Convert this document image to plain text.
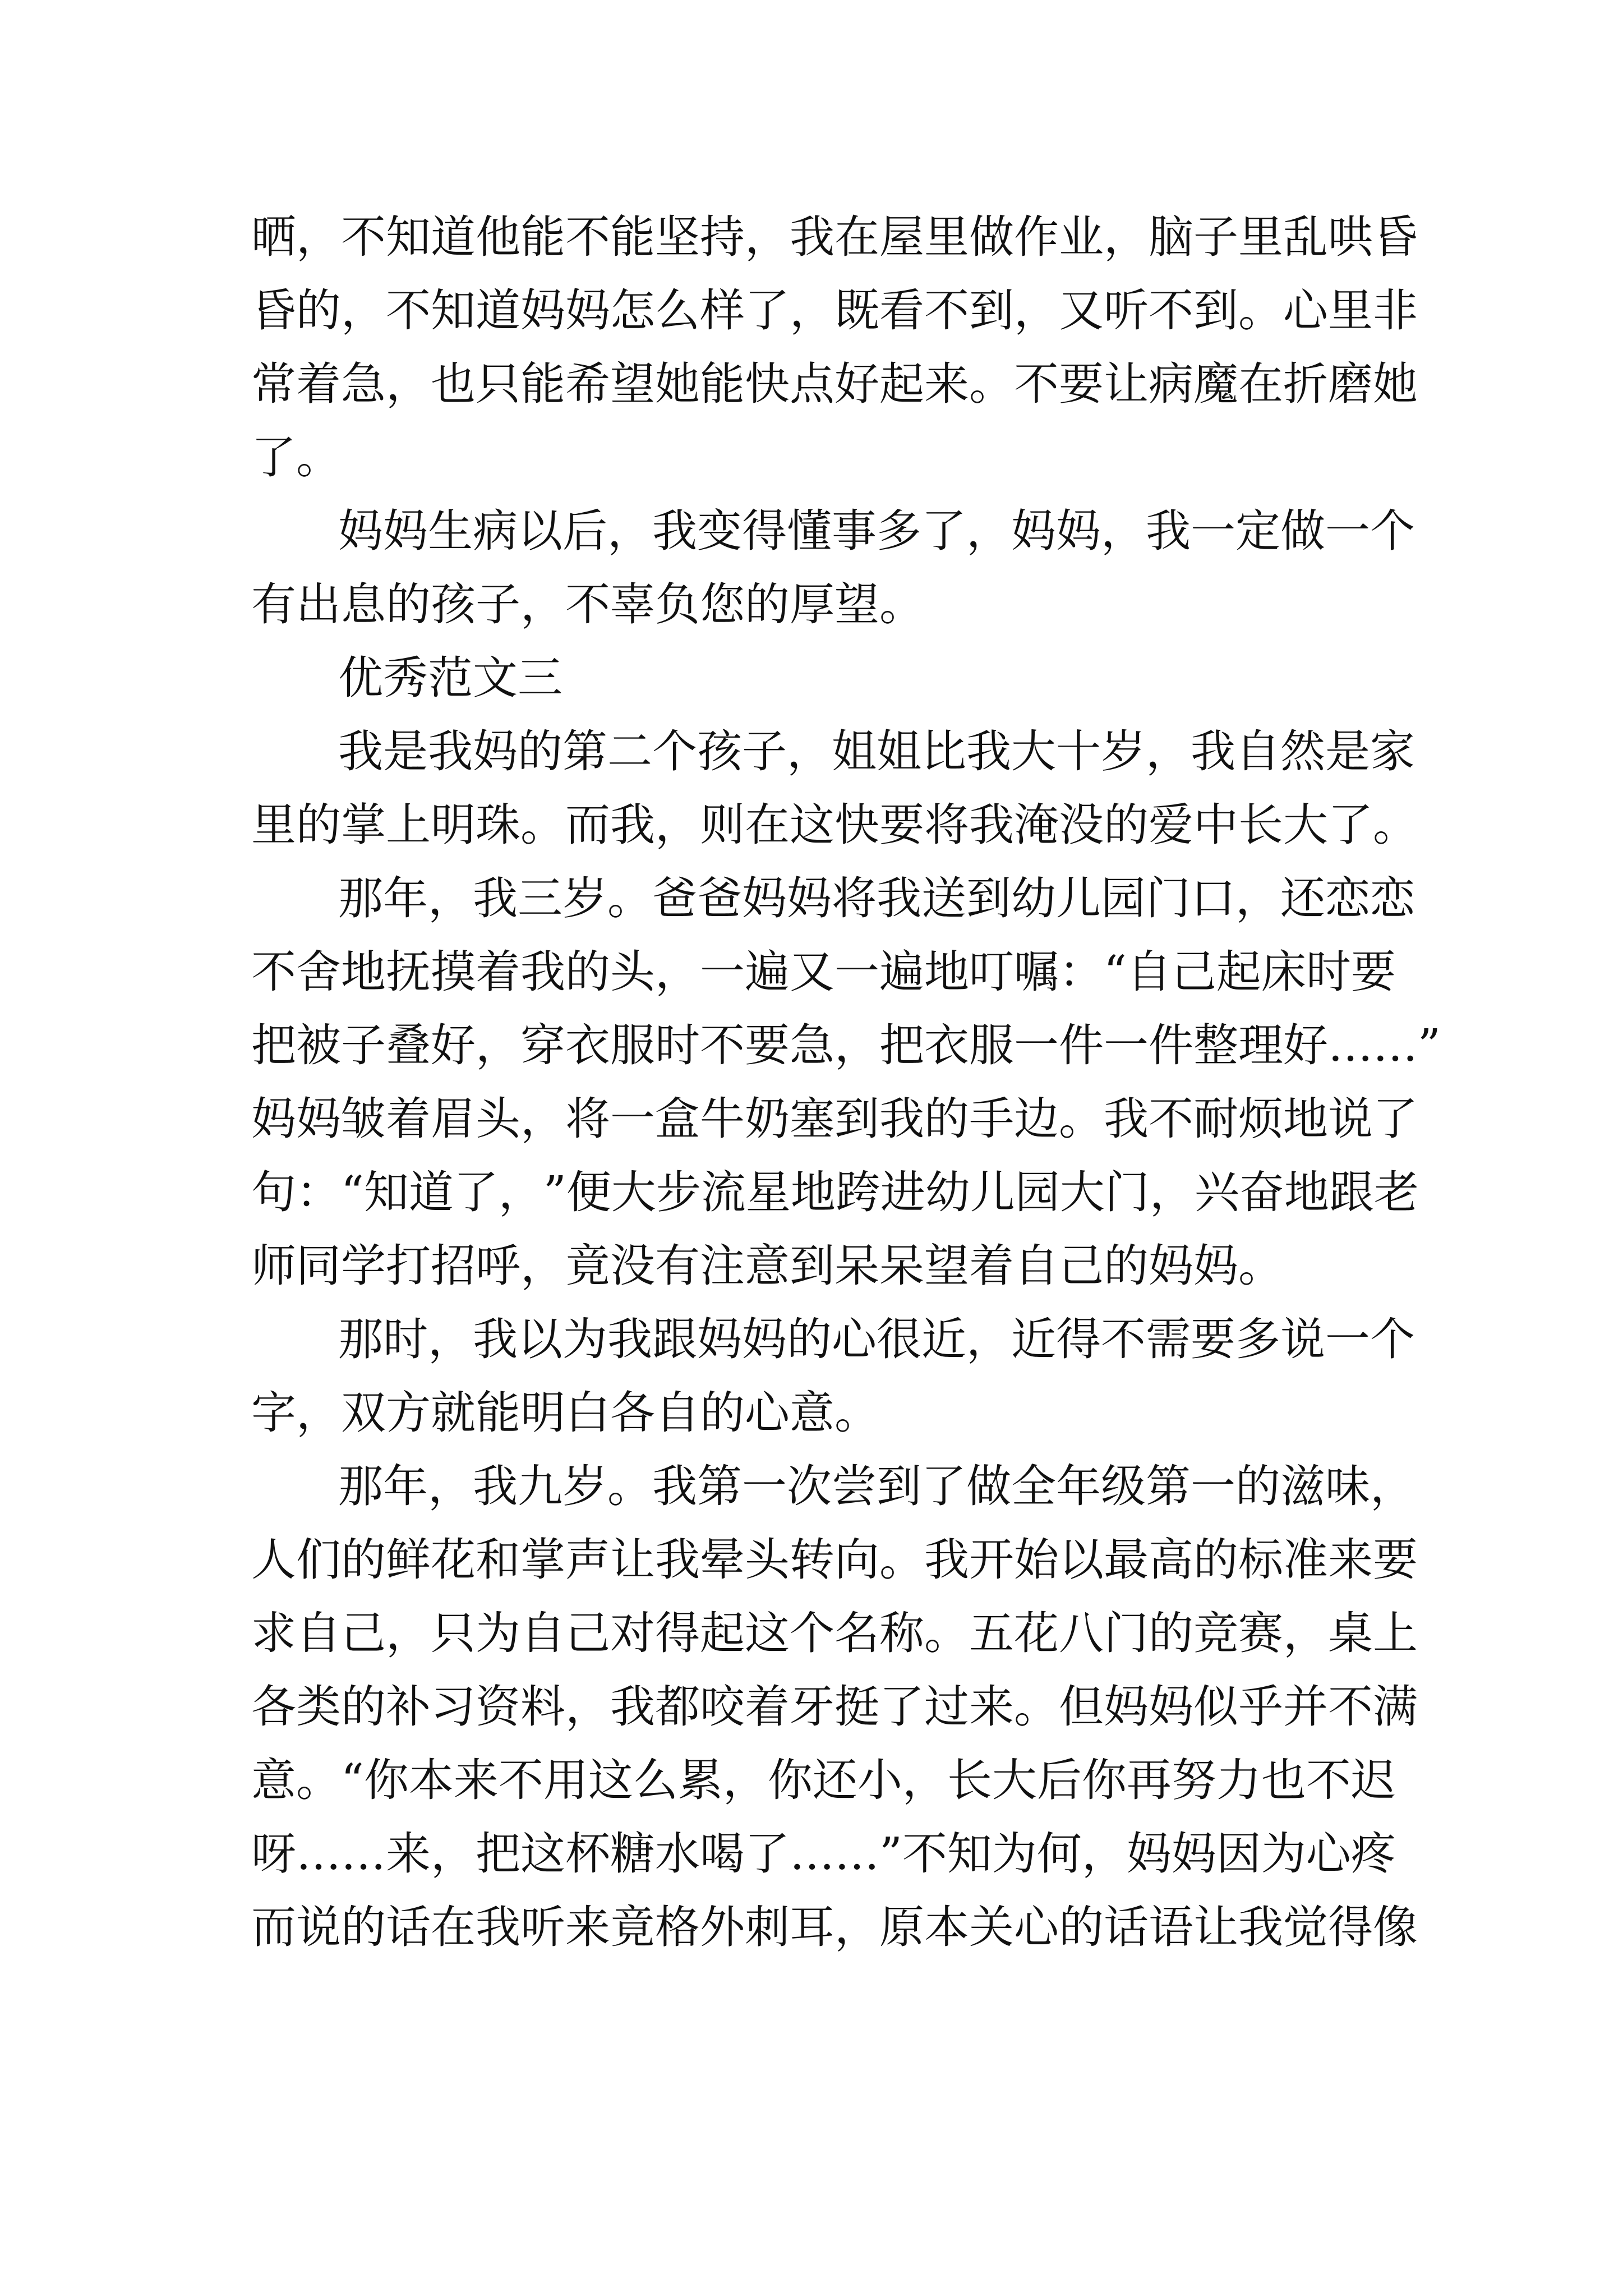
晒 ， 不 知 道 他 能 不 能 坚 持 ， 我 在 屋 里 做 作 业 ， 脑 子 里 乱 哄 昏
昏 的 ， 不 知 道 妈 妈 怎 么 样 了 ， 既 看 不 到 ， 又 听 不 到 。 心 里 非
常 着 急 ， 也 只 能 希 望 她 能 快 点 好 起 来 。 不 要 让 病 魔 在 折 磨 她
了。
妈 妈 生 病 以 后 ， 我 变 得 懂 事 多 了 ， 妈 妈 ， 我 一 定 做 一 个
有出息的孩子，不辜负您的厚望。
优秀范文三
我 是 我 妈 的 第 二 个 孩 子 ， 姐 姐 比 我 大 十 岁 ， 我 自 然 是 家
里 的 掌 上 明 珠 。 而 我 ， 则 在 这 快 要 将 我 淹 没 的 爱 中 长 大 了 。
那 年 ， 我 三 岁 。 爸 爸 妈 妈 将 我 送 到 幼 儿 园 门 口 ， 还 恋 恋
不 舍 地 抚 摸 着 我 的 头 ， 一 遍 又 一 遍 地 叮 嘱 ： “ 自 己 起 床 时 要
把 被 子 叠 好 ， 穿 衣 服 时 不 要 急 ， 把 衣 服 一 件 一 件 整 理 好 … … ”
妈 妈 皱 着 眉 头 ， 将 一 盒 牛 奶 塞 到 我 的 手 边 。 我 不 耐 烦 地 说 了
句 ： “ 知 道 了 ， ” 便 大 步 流 星 地 跨 进 幼 儿 园 大 门 ， 兴 奋 地 跟 老
师同学打招呼，竟没有注意到呆呆望着自己的妈妈。
那 时 ， 我 以 为 我 跟 妈 妈 的 心 很 近 ， 近 得 不 需 要 多 说 一 个
字，双方就能明白各自的心意。
那 年 ， 我 九 岁 。 我 第 一 次 尝 到 了 做 全 年 级 第 一 的 滋 味 ，
人 们 的 鲜 花 和 掌 声 让 我 晕 头 转 向 。 我 开 始 以 最 高 的 标 准 来 要
求 自 己 ， 只 为 自 己 对 得 起 这 个 名 称 。 五 花 八 门 的 竞 赛 ， 桌 上
各 类 的 补 习 资 料 ， 我 都 咬 着 牙 挺 了 过 来 。 但 妈 妈 似 乎 并 不 满
意 。 “ 你 本 来 不 用 这 么 累 ， 你 还 小 ， 长 大 后 你 再 努 力 也 不 迟
呀 … … 来 ， 把 这 杯 糖 水 喝 了 … … ” 不 知 为 何 ， 妈 妈 因 为 心 疼
而 说 的 话 在 我 听 来 竟 格 外 刺 耳 ， 原 本 关 心 的 话 语 让 我 觉 得 像
